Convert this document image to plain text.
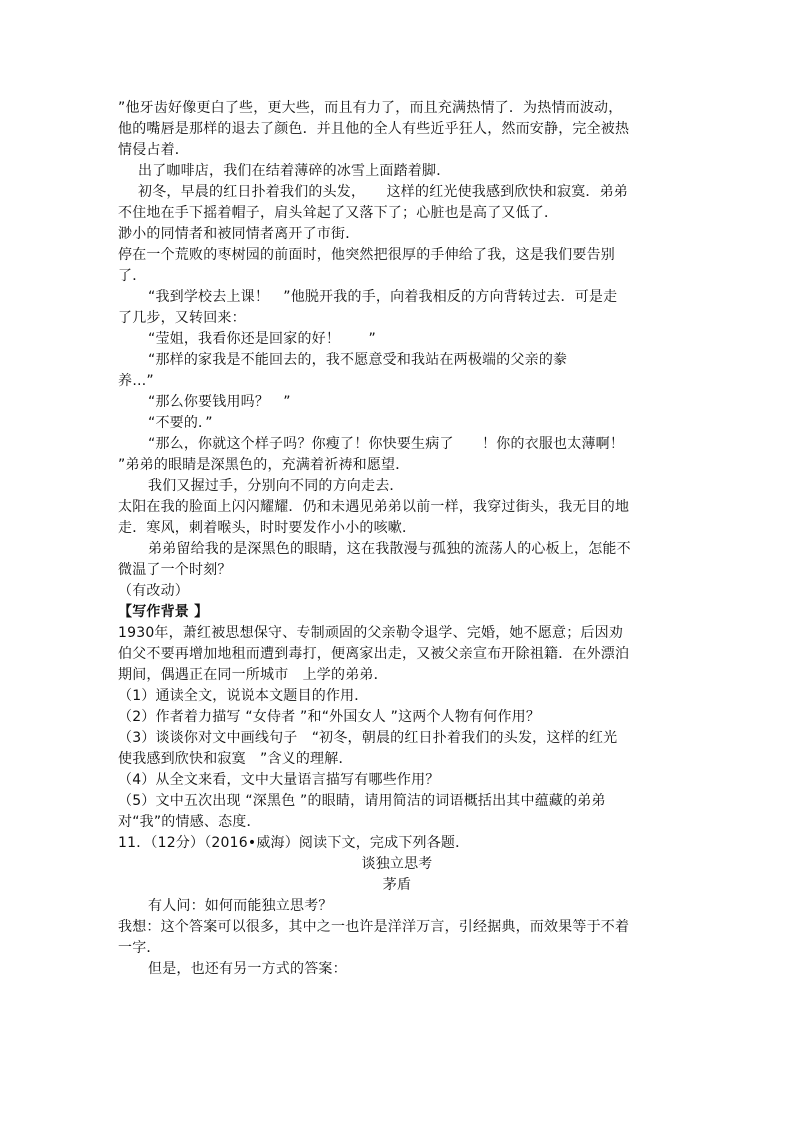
”他牙齿好像更白了些，更大些，而且有力了，而且充满热情了．为热情而波动，
他的嘴唇是那样的退去了颜色．并且他的全人有些近乎狂人，然而安静，完全被热
情侵占着．
出了咖啡店，我们在结着薄碎的冰雪上面踏着脚．
初冬，早晨的红日扑着我们的头发，　　这样的红光使我感到欣快和寂寞．弟弟
不住地在手下摇着帽子，肩头耸起了又落下了；心脏也是高了又低了．
渺小的同情者和被同情者离开了市街．
停在一个荒败的枣树园的前面时，他突然把很厚的手伸给了我，这是我们要告别
了．
“我到学校去上课！　”他脱开我的手，向着我相反的方向背转过去．可是走
了几步，又转回来：
“莹姐，我看你还是回家的好！　　”
“那样的家我是不能回去的，我不愿意受和我站在两极端的父亲的豢
养…”
“那么你要钱用吗？　”
“不要的．”
“那么，你就这个样子吗？你瘦了！你快要生病了　　！你的衣服也太薄啊！
”弟弟的眼睛是深黑色的，充满着祈祷和愿望．
我们又握过手，分别向不同的方向走去．
太阳在我的脸面上闪闪耀耀．仍和未遇见弟弟以前一样，我穿过街头，我无目的地
走．寒风，刺着喉头，时时要发作小小的咳嗽．
弟弟留给我的是深黑色的眼睛，这在我散漫与孤独的流荡人的心板上，怎能不
微温了一个时刻？
（有改动）
【写作背景 】
1930年，萧红被思想保守、专制顽固的父亲勒令退学、完婚，她不愿意；后因劝
伯父不要再增加地租而遭到毒打，便离家出走，又被父亲宣布开除祖籍．在外漂泊
期间，偶遇正在同一所城市　上学的弟弟．
（1）通读全文，说说本文题目的作用．
（2）作者着力描写 “女侍者 ”和“外国女人 ”这两个人物有何作用？
（3）谈谈你对文中画线句子　“初冬，朝晨的红日扑着我们的头发，这样的红光
使我感到欣快和寂寞　”含义的理解．
（4）从全文来看，文中大量语言描写有哪些作用？
（5）文中五次出现 “深黑色 ”的眼睛，请用简洁的词语概括出其中蕴藏的弟弟
对“我”的情感、态度．
11．（12分）（2016•威海）阅读下文，完成下列各题．
谈独立思考
茅盾
有人问：如何而能独立思考？
我想：这个答案可以很多，其中之一也许是洋洋万言，引经据典，而效果等于不着
一字．
但是，也还有另一方式的答案：
